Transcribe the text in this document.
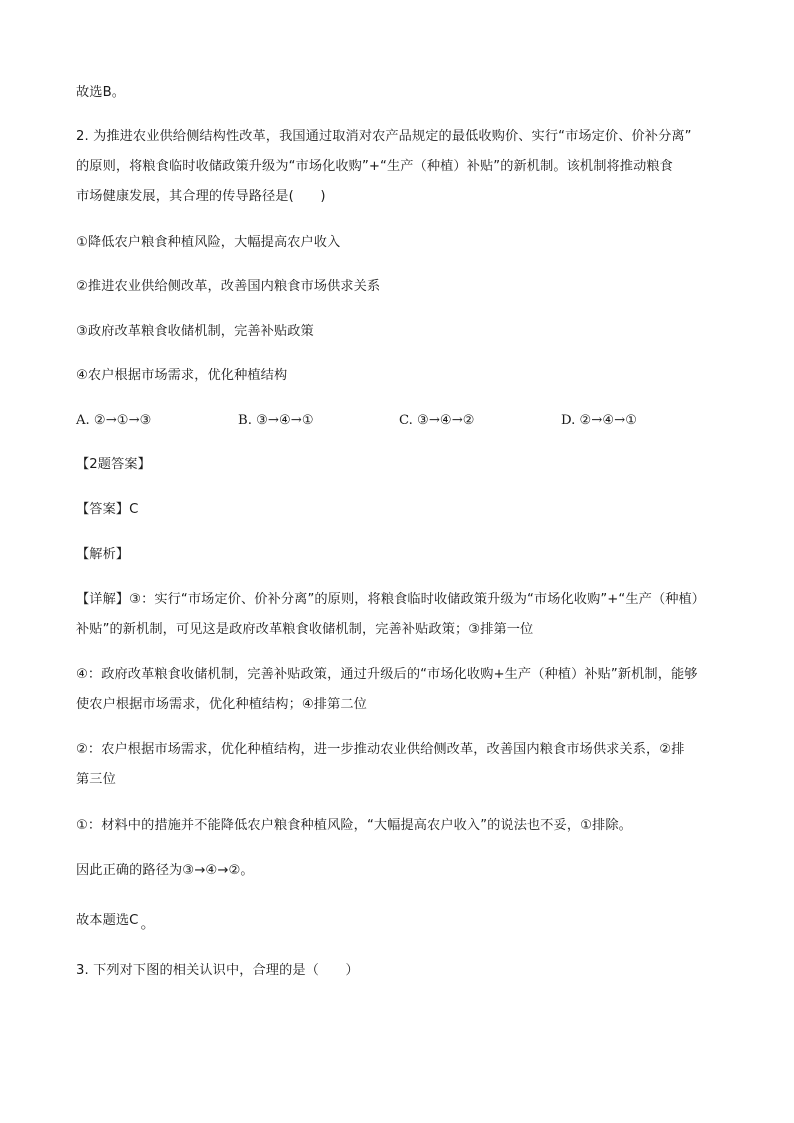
故选B。
2. 为推进农业供给侧结构性改革，我国通过取消对农产品规定的最低收购价、实行“市场定价、价补分离”
的原则，将粮食临时收储政策升级为“市场化收购”+“生产（种植）补贴”的新机制。该机制将推动粮食
市场健康发展，其合理的传导路径是(　　)
①降低农户粮食种植风险，大幅提高农户收入
②推进农业供给侧改革，改善国内粮食市场供求关系
③政府改革粮食收储机制，完善补贴政策
④农户根据市场需求，优化种植结构
A. ②→①→③	B. ③→④→①	C. ③→④→②	D. ②→④→①
【2题答案】
【答案】C
【解析】
【详解】③：实行“市场定价、价补分离”的原则，将粮食临时收储政策升级为“市场化收购”+“生产（种植）
补贴”的新机制，可见这是政府改革粮食收储机制，完善补贴政策；③排第一位
④：政府改革粮食收储机制，完善补贴政策，通过升级后的“市场化收购+生产（种植）补贴”新机制，能够
使农户根据市场需求，优化种植结构；④排第二位
②：农户根据市场需求，优化种植结构，进一步推动农业供给侧改革，改善国内粮食市场供求关系，②排
第三位
①：材料中的措施并不能降低农户粮食种植风险，“大幅提高农户收入”的说法也不妥，①排除。
因此正确的路径为③→④→②。
故本题选C 。
3. 下列对下图的相关认识中，合理的是（　　）
